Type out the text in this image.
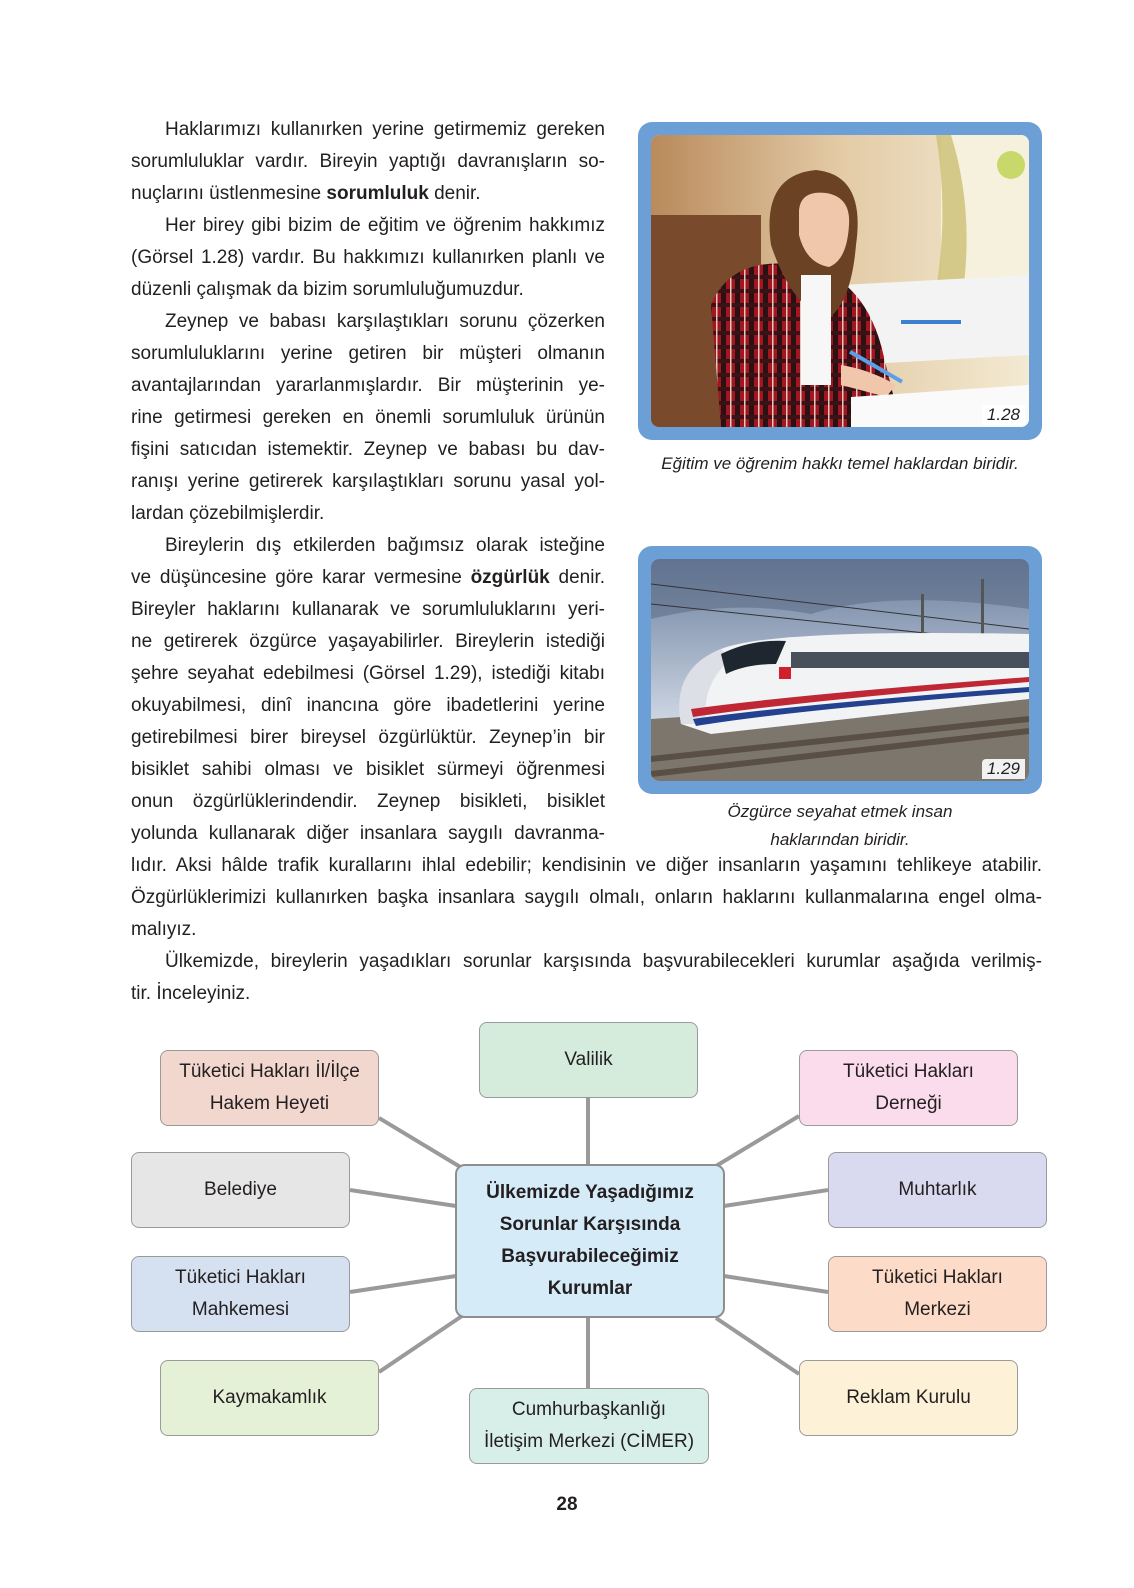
Haklarımızı kullanırken yerine getirmemiz gereken
sorumluluklar vardır. Bireyin yaptığı davranışların so-
nuçlarını üstlenmesine sorumluluk denir.

Her birey gibi bizim de eğitim ve öğrenim hakkımız
(Görsel 1.28) vardır. Bu hakkımızı kullanırken planlı ve
düzenli çalışmak da bizim sorumluluğumuzdur.

Zeynep ve babası karşılaştıkları sorunu çözerken
sorumluluklarını yerine getiren bir müşteri olmanın
avantajlarından yararlanmışlardır. Bir müşterinin ye-
rine getirmesi gereken en önemli sorumluluk ürünün
fişini satıcıdan istemektir. Zeynep ve babası bu dav-
ranışı yerine getirerek karşılaştıkları sorunu yasal yol-
lardan çözebilmişlerdir.

Bireylerin dış etkilerden bağımsız olarak isteğine
ve düşüncesine göre karar vermesine özgürlük denir.
Bireyler haklarını kullanarak ve sorumluluklarını yeri-
ne getirerek özgürce yaşayabilirler. Bireylerin istediği
şehre seyahat edebilmesi (Görsel 1.29), istediği kitabı
okuyabilmesi, dinî inancına göre ibadetlerini yerine
getirebilmesi birer bireysel özgürlüktür. Zeynep’in bir
bisiklet sahibi olması ve bisiklet sürmeyi öğrenmesi
onun özgürlüklerindendir. Zeynep bisikleti, bisiklet
yolunda kullanarak diğer insanlara saygılı davranma-

lıdır. Aksi hâlde trafik kurallarını ihlal edebilir; kendisinin ve diğer insanların yaşamını tehlikeye atabilir.
Özgürlüklerimizi kullanırken başka insanlara saygılı olmalı, onların haklarını kullanmalarına engel olma-
malıyız.

Ülkemizde, bireylerin yaşadıkları sorunlar karşısında başvurabilecekleri kurumlar aşağıda verilmiş-
tir. İnceleyiniz.

1.28
Eğitim ve öğrenim hakkı temel haklardan biridir.
1.29
Özgürce seyahat etmek insan
haklarından biridir.
Tüketici Hakları İl/İlçe
Hakem Heyeti
Valilik
Tüketici Hakları
Derneği
Belediye	Muhtarlık
Tüketici Hakları
Mahkemesi
Tüketici Hakları
Merkezi
Kaymakamlık
Cumhurbaşkanlığı
İletişim Merkezi (CİMER)
Reklam Kurulu
Ülkemizde Yaşadığımız
Sorunlar Karşısında
Başvurabileceğimiz
Kurumlar
28
